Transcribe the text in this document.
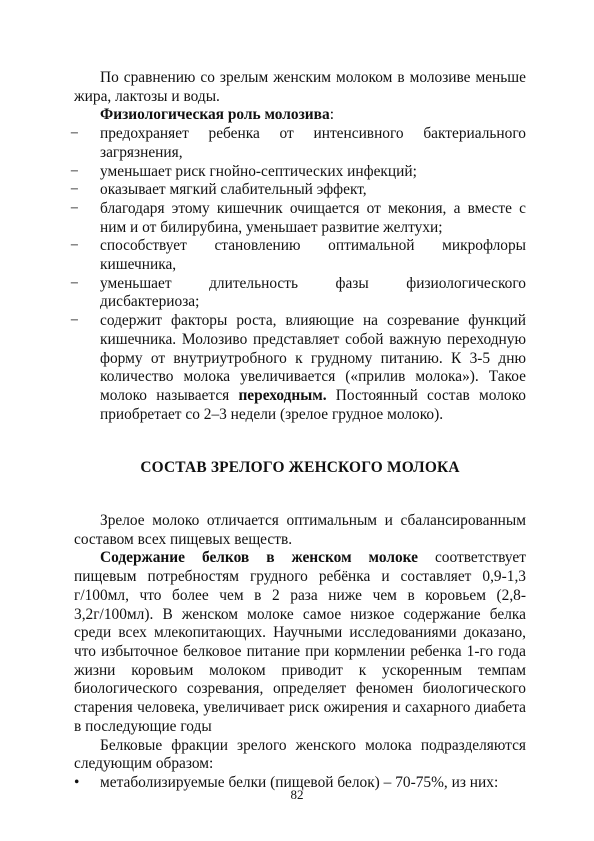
По сравнению со зрелым женским молоком в молозиве меньше жира, лактозы и воды.

Физиологическая роль молозива:

− предохраняет ребенка от интенсивного бактериального загрязнения,
− уменьшает риск гнойно-септических инфекций;
− оказывает мягкий слабительный эффект,
− благодаря этому кишечник очищается от мекония, а вместе с ним и от билирубина, уменьшает развитие желтухи;
− способствует становлению оптимальной микрофлоры кишечника,
− уменьшает длительность фазы физиологического дисбактериоза;
− содержит факторы роста, влияющие на созревание функций кишечника. Молозиво представляет собой важную переходную форму от внутриутробного к грудному питанию. К 3-5 дню количество молока увеличивается («прилив молока»). Такое молоко называется переходным. Постоянный состав молоко приобретает со 2–3 недели (зрелое грудное молоко).
СОСТАВ ЗРЕЛОГО ЖЕНСКОГО МОЛОКА

Зрелое молоко отличается оптимальным и сбалансированным составом всех пищевых веществ.

Содержание белков в женском молоке соответствует пищевым потребностям грудного ребёнка и составляет 0,9-1,3 г/100мл, что более чем в 2 раза ниже чем в коровьем (2,8-3,2г/100мл). В женском молоке самое низкое содержание белка среди всех млекопитающих. Научными исследованиями доказано, что избыточное белковое питание при кормлении ребенка 1-го года жизни коровьим молоком приводит к ускоренным темпам биологического созревания, определяет феномен биологического старения человека, увеличивает риск ожирения и сахарного диабета в последующие годы

Белковые фракции зрелого женского молока подразделяются следующим образом:

• метаболизируемые белки (пищевой белок) – 70-75%, из них:
82
